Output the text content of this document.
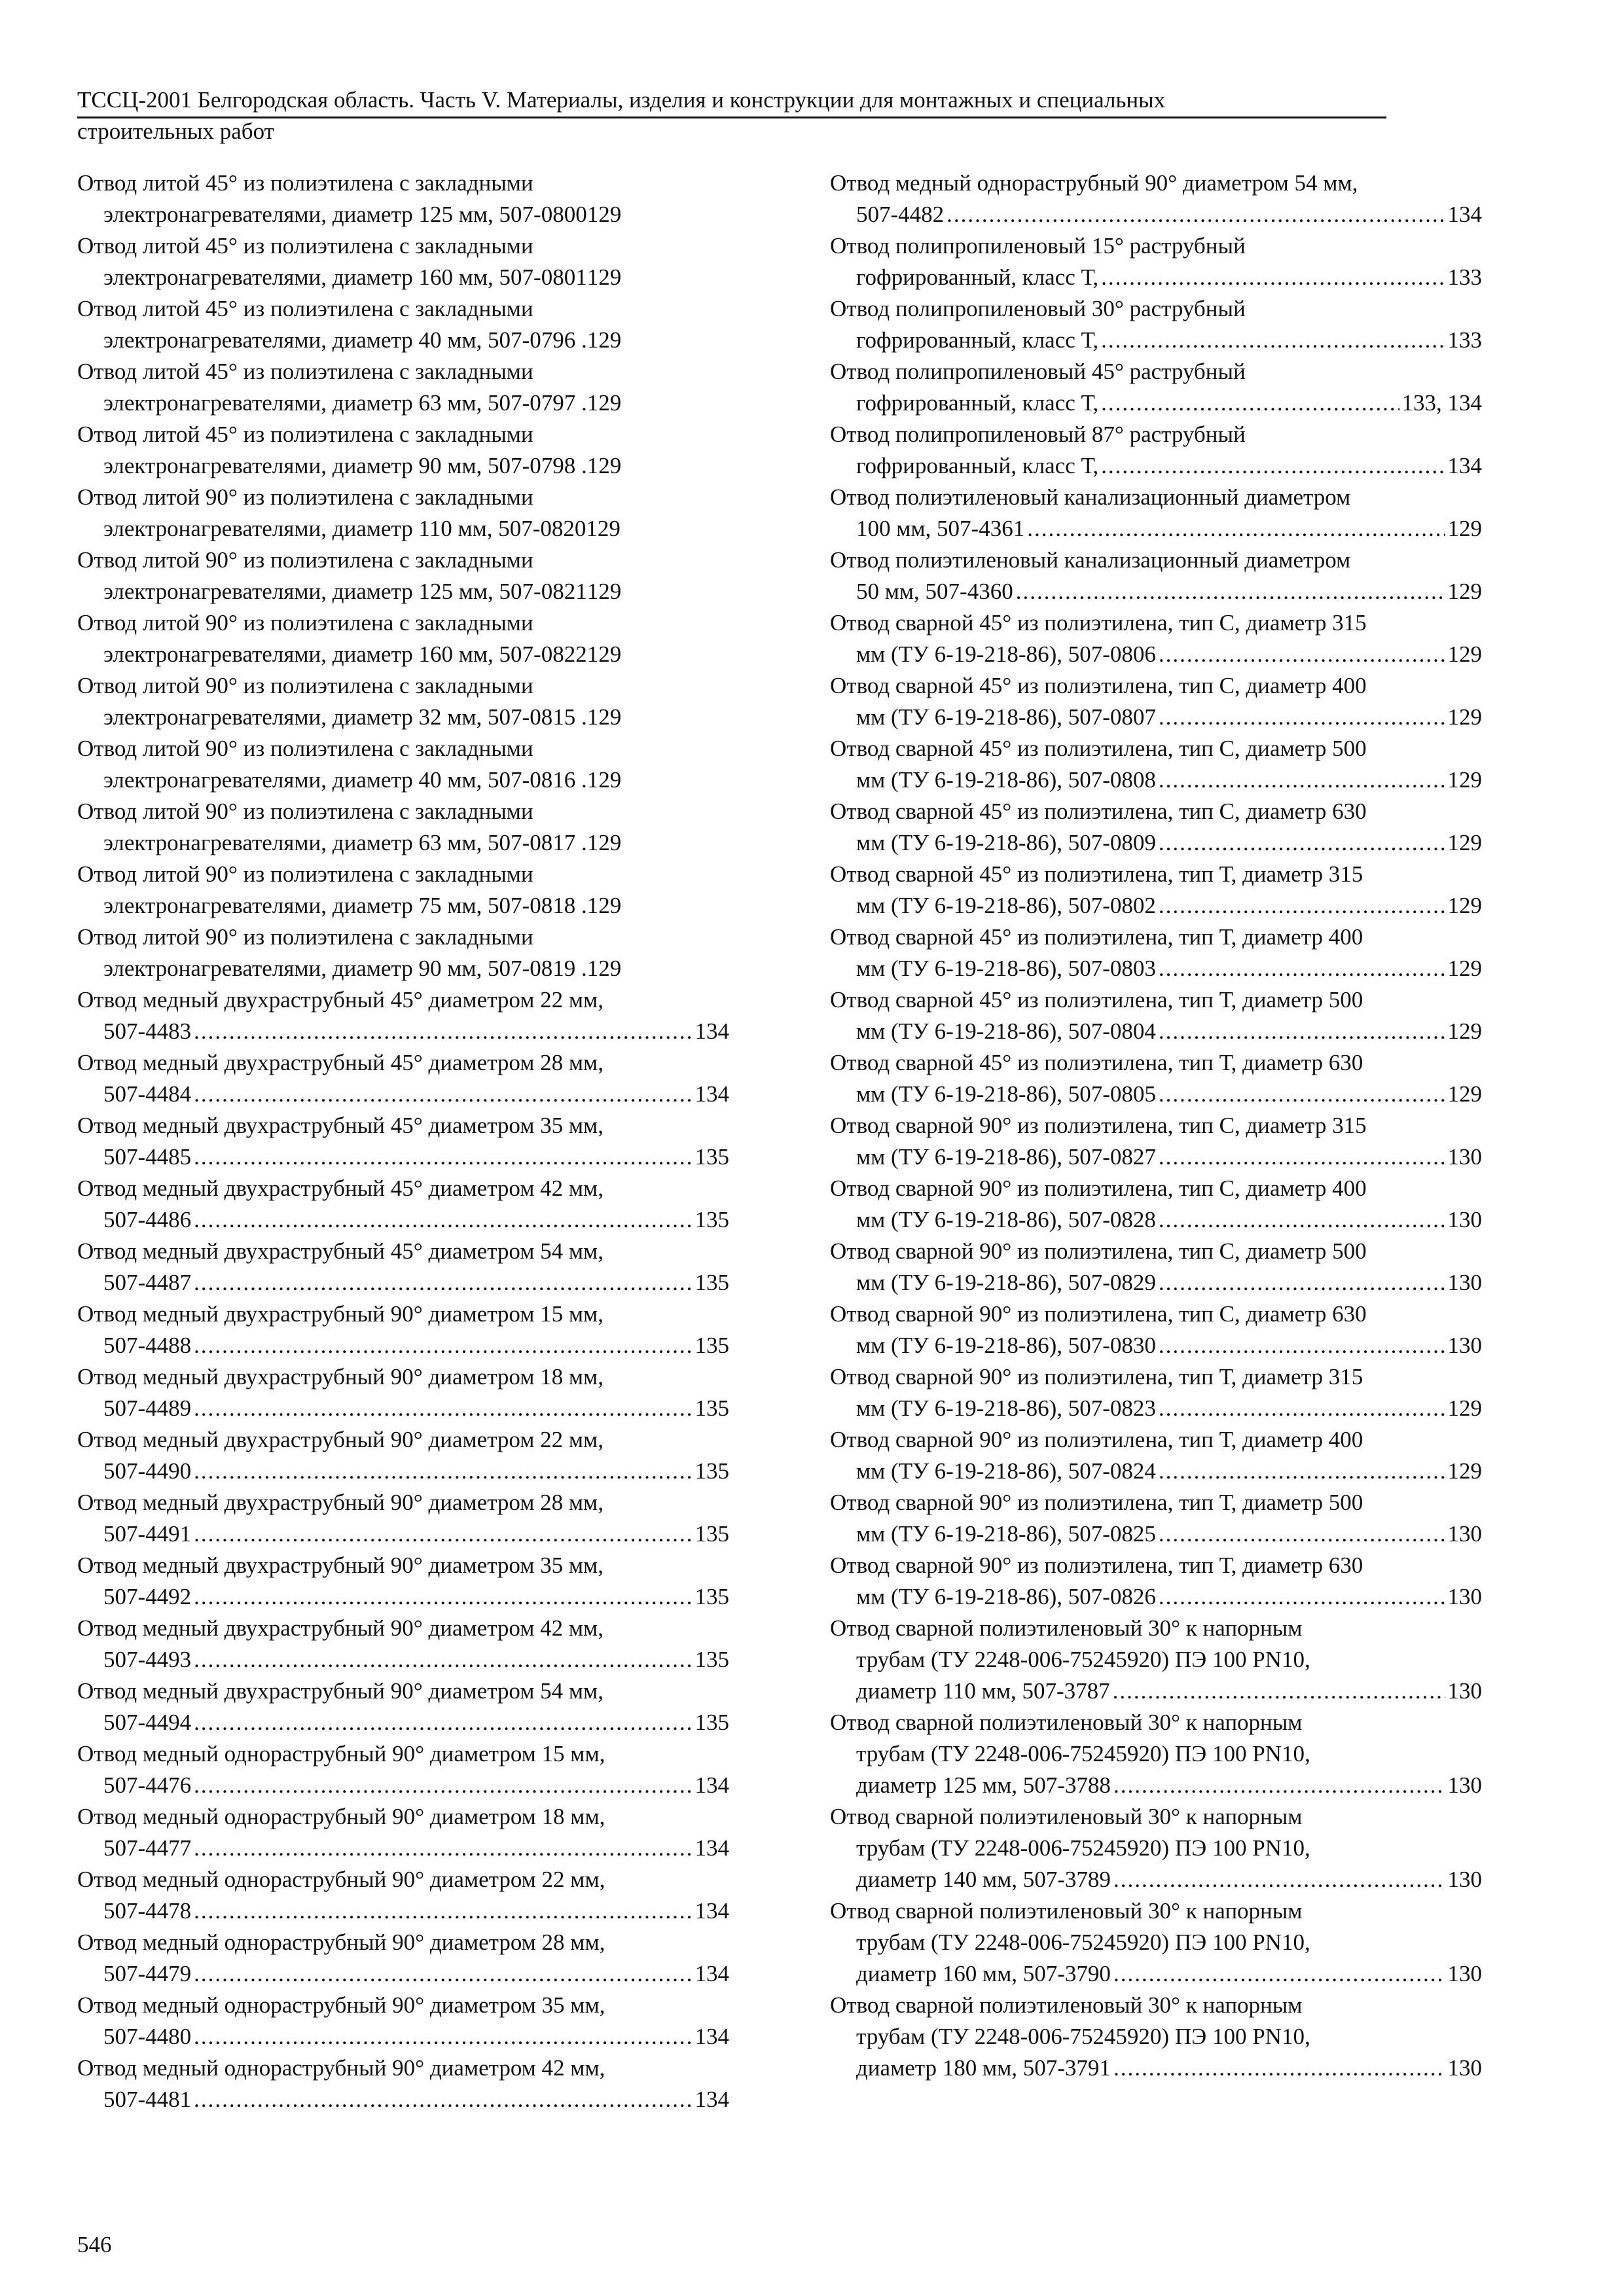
ТССЦ-2001 Белгородская область. Часть V. Материалы, изделия и конструкции для монтажных и специальных
строительных работ
Отвод литой 45° из полиэтилена с закладными
электронагревателями, диаметр 125 мм, 507-0800 129
Отвод литой 45° из полиэтилена с закладными
электронагревателями, диаметр 160 мм, 507-0801 129
Отвод литой 45° из полиэтилена с закладными
электронагревателями, диаметр 40 мм, 507-0796 . 129
Отвод литой 45° из полиэтилена с закладными
электронагревателями, диаметр 63 мм, 507-0797 . 129
Отвод литой 45° из полиэтилена с закладными
электронагревателями, диаметр 90 мм, 507-0798 . 129
Отвод литой 90° из полиэтилена с закладными
электронагревателями, диаметр 110 мм, 507-0820 129
Отвод литой 90° из полиэтилена с закладными
электронагревателями, диаметр 125 мм, 507-0821 129
Отвод литой 90° из полиэтилена с закладными
электронагревателями, диаметр 160 мм, 507-0822 129
Отвод литой 90° из полиэтилена с закладными
электронагревателями, диаметр 32 мм, 507-0815 . 129
Отвод литой 90° из полиэтилена с закладными
электронагревателями, диаметр 40 мм, 507-0816 . 129
Отвод литой 90° из полиэтилена с закладными
электронагревателями, диаметр 63 мм, 507-0817 . 129
Отвод литой 90° из полиэтилена с закладными
электронагревателями, диаметр 75 мм, 507-0818 . 129
Отвод литой 90° из полиэтилена с закладными
электронагревателями, диаметр 90 мм, 507-0819 . 129
Отвод медный двухраструбный 45° диаметром 22 мм,
507-4483 .....	134
Отвод медный двухраструбный 45° диаметром 28 мм,
507-4484 .....	134
Отвод медный двухраструбный 45° диаметром 35 мм,
507-4485 .....	135
Отвод медный двухраструбный 45° диаметром 42 мм,
507-4486 .....	135
Отвод медный двухраструбный 45° диаметром 54 мм,
507-4487 .....	135
Отвод медный двухраструбный 90° диаметром 15 мм,
507-4488 .....	135
Отвод медный двухраструбный 90° диаметром 18 мм,
507-4489 .....	135
Отвод медный двухраструбный 90° диаметром 22 мм,
507-4490 .....	135
Отвод медный двухраструбный 90° диаметром 28 мм,
507-4491 .....	135
Отвод медный двухраструбный 90° диаметром 35 мм,
507-4492 .....	135
Отвод медный двухраструбный 90° диаметром 42 мм,
507-4493 .....	135
Отвод медный двухраструбный 90° диаметром 54 мм,
507-4494 .....	135
Отвод медный однораструбный 90° диаметром 15 мм,
507-4476 .....	134
Отвод медный однораструбный 90° диаметром 18 мм,
507-4477 .....	134
Отвод медный однораструбный 90° диаметром 22 мм,
507-4478 .....	134
Отвод медный однораструбный 90° диаметром 28 мм,
507-4479 .....	134
Отвод медный однораструбный 90° диаметром 35 мм,
507-4480 .....	134
Отвод медный однораструбный 90° диаметром 42 мм,
507-4481 .....	134
Отвод медный однораструбный 90° диаметром 54 мм,
507-4482 .....	134
Отвод полипропиленовый 15° раструбный
гофрированный, класс Т, .....	133
Отвод полипропиленовый 30° раструбный
гофрированный, класс Т, .....	133
Отвод полипропиленовый 45° раструбный
гофрированный, класс Т, .....	133, 134
Отвод полипропиленовый 87° раструбный
гофрированный, класс Т, .....	134
Отвод полиэтиленовый канализационный диаметром
100 мм, 507-4361 .....	129
Отвод полиэтиленовый канализационный диаметром
50 мм, 507-4360 .....	129
Отвод сварной 45° из полиэтилена, тип С, диаметр 315
мм (ТУ 6-19-218-86), 507-0806 .....	129
Отвод сварной 45° из полиэтилена, тип С, диаметр 400
мм (ТУ 6-19-218-86), 507-0807 .....	129
Отвод сварной 45° из полиэтилена, тип С, диаметр 500
мм (ТУ 6-19-218-86), 507-0808 .....	129
Отвод сварной 45° из полиэтилена, тип С, диаметр 630
мм (ТУ 6-19-218-86), 507-0809 .....	129
Отвод сварной 45° из полиэтилена, тип Т, диаметр 315
мм (ТУ 6-19-218-86), 507-0802 .....	129
Отвод сварной 45° из полиэтилена, тип Т, диаметр 400
мм (ТУ 6-19-218-86), 507-0803 .....	129
Отвод сварной 45° из полиэтилена, тип Т, диаметр 500
мм (ТУ 6-19-218-86), 507-0804 .....	129
Отвод сварной 45° из полиэтилена, тип Т, диаметр 630
мм (ТУ 6-19-218-86), 507-0805 .....	129
Отвод сварной 90° из полиэтилена, тип С, диаметр 315
мм (ТУ 6-19-218-86), 507-0827 .....	130
Отвод сварной 90° из полиэтилена, тип С, диаметр 400
мм (ТУ 6-19-218-86), 507-0828 .....	130
Отвод сварной 90° из полиэтилена, тип С, диаметр 500
мм (ТУ 6-19-218-86), 507-0829 .....	130
Отвод сварной 90° из полиэтилена, тип С, диаметр 630
мм (ТУ 6-19-218-86), 507-0830 .....	130
Отвод сварной 90° из полиэтилена, тип Т, диаметр 315
мм (ТУ 6-19-218-86), 507-0823 .....	129
Отвод сварной 90° из полиэтилена, тип Т, диаметр 400
мм (ТУ 6-19-218-86), 507-0824 .....	129
Отвод сварной 90° из полиэтилена, тип Т, диаметр 500
мм (ТУ 6-19-218-86), 507-0825 .....	130
Отвод сварной 90° из полиэтилена, тип Т, диаметр 630
мм (ТУ 6-19-218-86), 507-0826 .....	130
Отвод сварной полиэтиленовый 30° к напорным
трубам (ТУ 2248-006-75245920) ПЭ 100 PN10,
диаметр 110 мм, 507-3787 .....	130
Отвод сварной полиэтиленовый 30° к напорным
трубам (ТУ 2248-006-75245920) ПЭ 100 PN10,
диаметр 125 мм, 507-3788 .....	130
Отвод сварной полиэтиленовый 30° к напорным
трубам (ТУ 2248-006-75245920) ПЭ 100 PN10,
диаметр 140 мм, 507-3789 .....	130
Отвод сварной полиэтиленовый 30° к напорным
трубам (ТУ 2248-006-75245920) ПЭ 100 PN10,
диаметр 160 мм, 507-3790 .....	130
Отвод сварной полиэтиленовый 30° к напорным
трубам (ТУ 2248-006-75245920) ПЭ 100 PN10,
диаметр 180 мм, 507-3791 .....	130
546
